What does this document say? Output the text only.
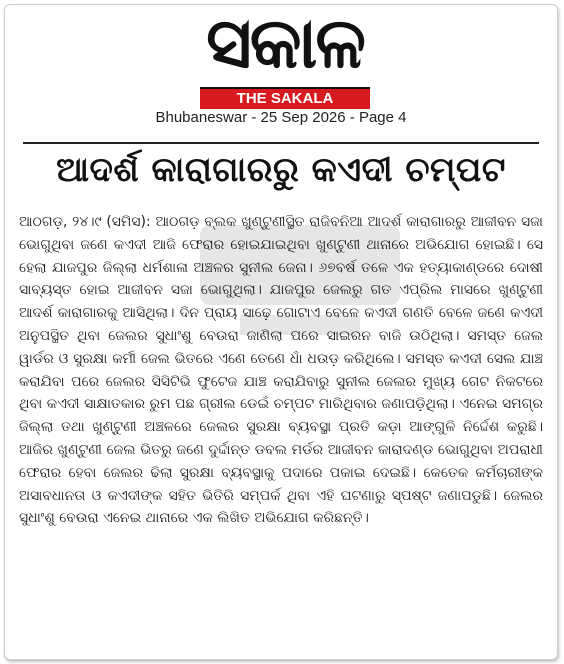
ସକାଳ
THE SAKALA
Bhubaneswar - 25 Sep 2026 - Page 4
ଆଦର୍ଶ କାରାଗାରରୁ କଏଦୀ ଚମ୍ପଟ

ଆଠଗଡ଼, ୨୪।୯ (ସମିସ): ଆଠଗଡ଼ ବ୍ଲକ ଖୁଣ୍ଟୁଣୀସ୍ଥିତ ରାଜିବନିଆ ଆଦର୍ଶ କାରାଗାରରୁ ଆଜୀବନ ସଜା ଭୋଗୁଥିବା ଜଣେ କଏଦୀ ଆଜି ଫେରାର ହୋଇଯାଇଥିବା ଖୁଣ୍ଟୁଣୀ ଥାନାରେ ଅଭିଯୋଗ ହୋଇଛି। ସେ ହେଲା ଯାଜପୁର ଜିଲ୍ଲା ଧର୍ମଶାଳା ଅଞ୍ଚଳର ସୁନୀଲ ଜେନା। ୬୭ବର୍ଷ ତଳେ ଏକ ହତ୍ୟାକାଣ୍ଡରେ ଦୋଷୀ ସାବ୍ୟସ୍ତ ହୋଇ ଆଜୀବନ ସଜା ଭୋଗୁଥିଲା। ଯାଜପୁର ଜେଲରୁ ଗତ ଏପ୍ରିଲ ମାସରେ ଖୁଣ୍ଟୁଣୀ ଆଦର୍ଶ କାରାଗାରକୁ ଆସିଥିଲା। ଦିନ ପ୍ରାୟ ସାଢ଼େ ଗୋଟାଏ ବେଳେ କଏଦୀ ଗଣତି ବେଳେ ଜଣେ କଏଦୀ ଅନୁପସ୍ଥିତ ଥିବା ଜେଲର ସୁଧାଂଶୁ ବେଉରା ଜାଣିଲା ପରେ ସାଇରନ ବାଜି ଉଠିଥିଲା। ସମସ୍ତ ଜେଲ ୱାର୍ଡର ଓ ସୁରକ୍ଷା କର୍ମୀ ଜେଲ ଭିତରେ ଏଣେ ତେଣେ ଧାଁ ଧଉଡ଼ କରିଥିଲେ। ସମସ୍ତ କଏଦୀ ସେଲ ଯାଞ୍ଚ କରାଯିବା ପରେ ଜେଲର ସିସିଟିଭି ଫୁଟେଜ ଯାଞ୍ଚ କରାଯିବାରୁ ସୁନୀଲ ଜେଲର ମୁଖ୍ୟ ଗେଟ ନିକଟରେ ଥିବା କଏଦୀ ସାକ୍ଷାତକାର ରୁମ ପଛ ଗ୍ରୀଲ ଡେଇଁ ଚମ୍ପଟ ମାରିଥିବାର ଜଣାପଡ଼ିଥିଲା। ଏନେଇ ସମଗ୍ର ଜିଲ୍ଲା ତଥା ଖୁଣ୍ଟୁଣୀ ଅଞ୍ଚଳରେ ଜେଲର ସୁରକ୍ଷା ବ୍ୟବସ୍ଥା ପ୍ରତି କଡ଼ା ଆଙ୍ଗୁଳି ନିର୍ଦ୍ଦେଶ କରୁଛି। ଆଜିର ଖୁଣ୍ଟୁଣୀ ଜେଲ ଭିତରୁ ଜଣେ ଦୁର୍ଦ୍ଦାନ୍ତ ଡବଲ ମର୍ଡର ଆଜୀବନ କାରାଦଣ୍ଡ ଭୋଗୁଥିବା ଅପରାଧୀ ଫେରାର ହେବା ଜେଲର ଢିଲା ସୁରକ୍ଷା ବ୍ୟବସ୍ଥାକୁ ପଦାରେ ପକାଇ ଦେଇଛି। କେତେକ କର୍ମଚାରୀଙ୍କ ଅସାବଧାନତା ଓ କଏଦୀଙ୍କ ସହିତ ଭିତିରି ସମ୍ପର୍କ ଥିବା ଏହି ଘଟଣାରୁ ସ୍ପଷ୍ଟ ଜଣାପଡୁଛି। ଜେଲର ସୁଧାଂଶୁ ବେଉରା ଏନେଇ ଥାନାରେ ଏକ ଲିଖିତ ଅଭିଯୋଗ କରିଛନ୍ତି।
